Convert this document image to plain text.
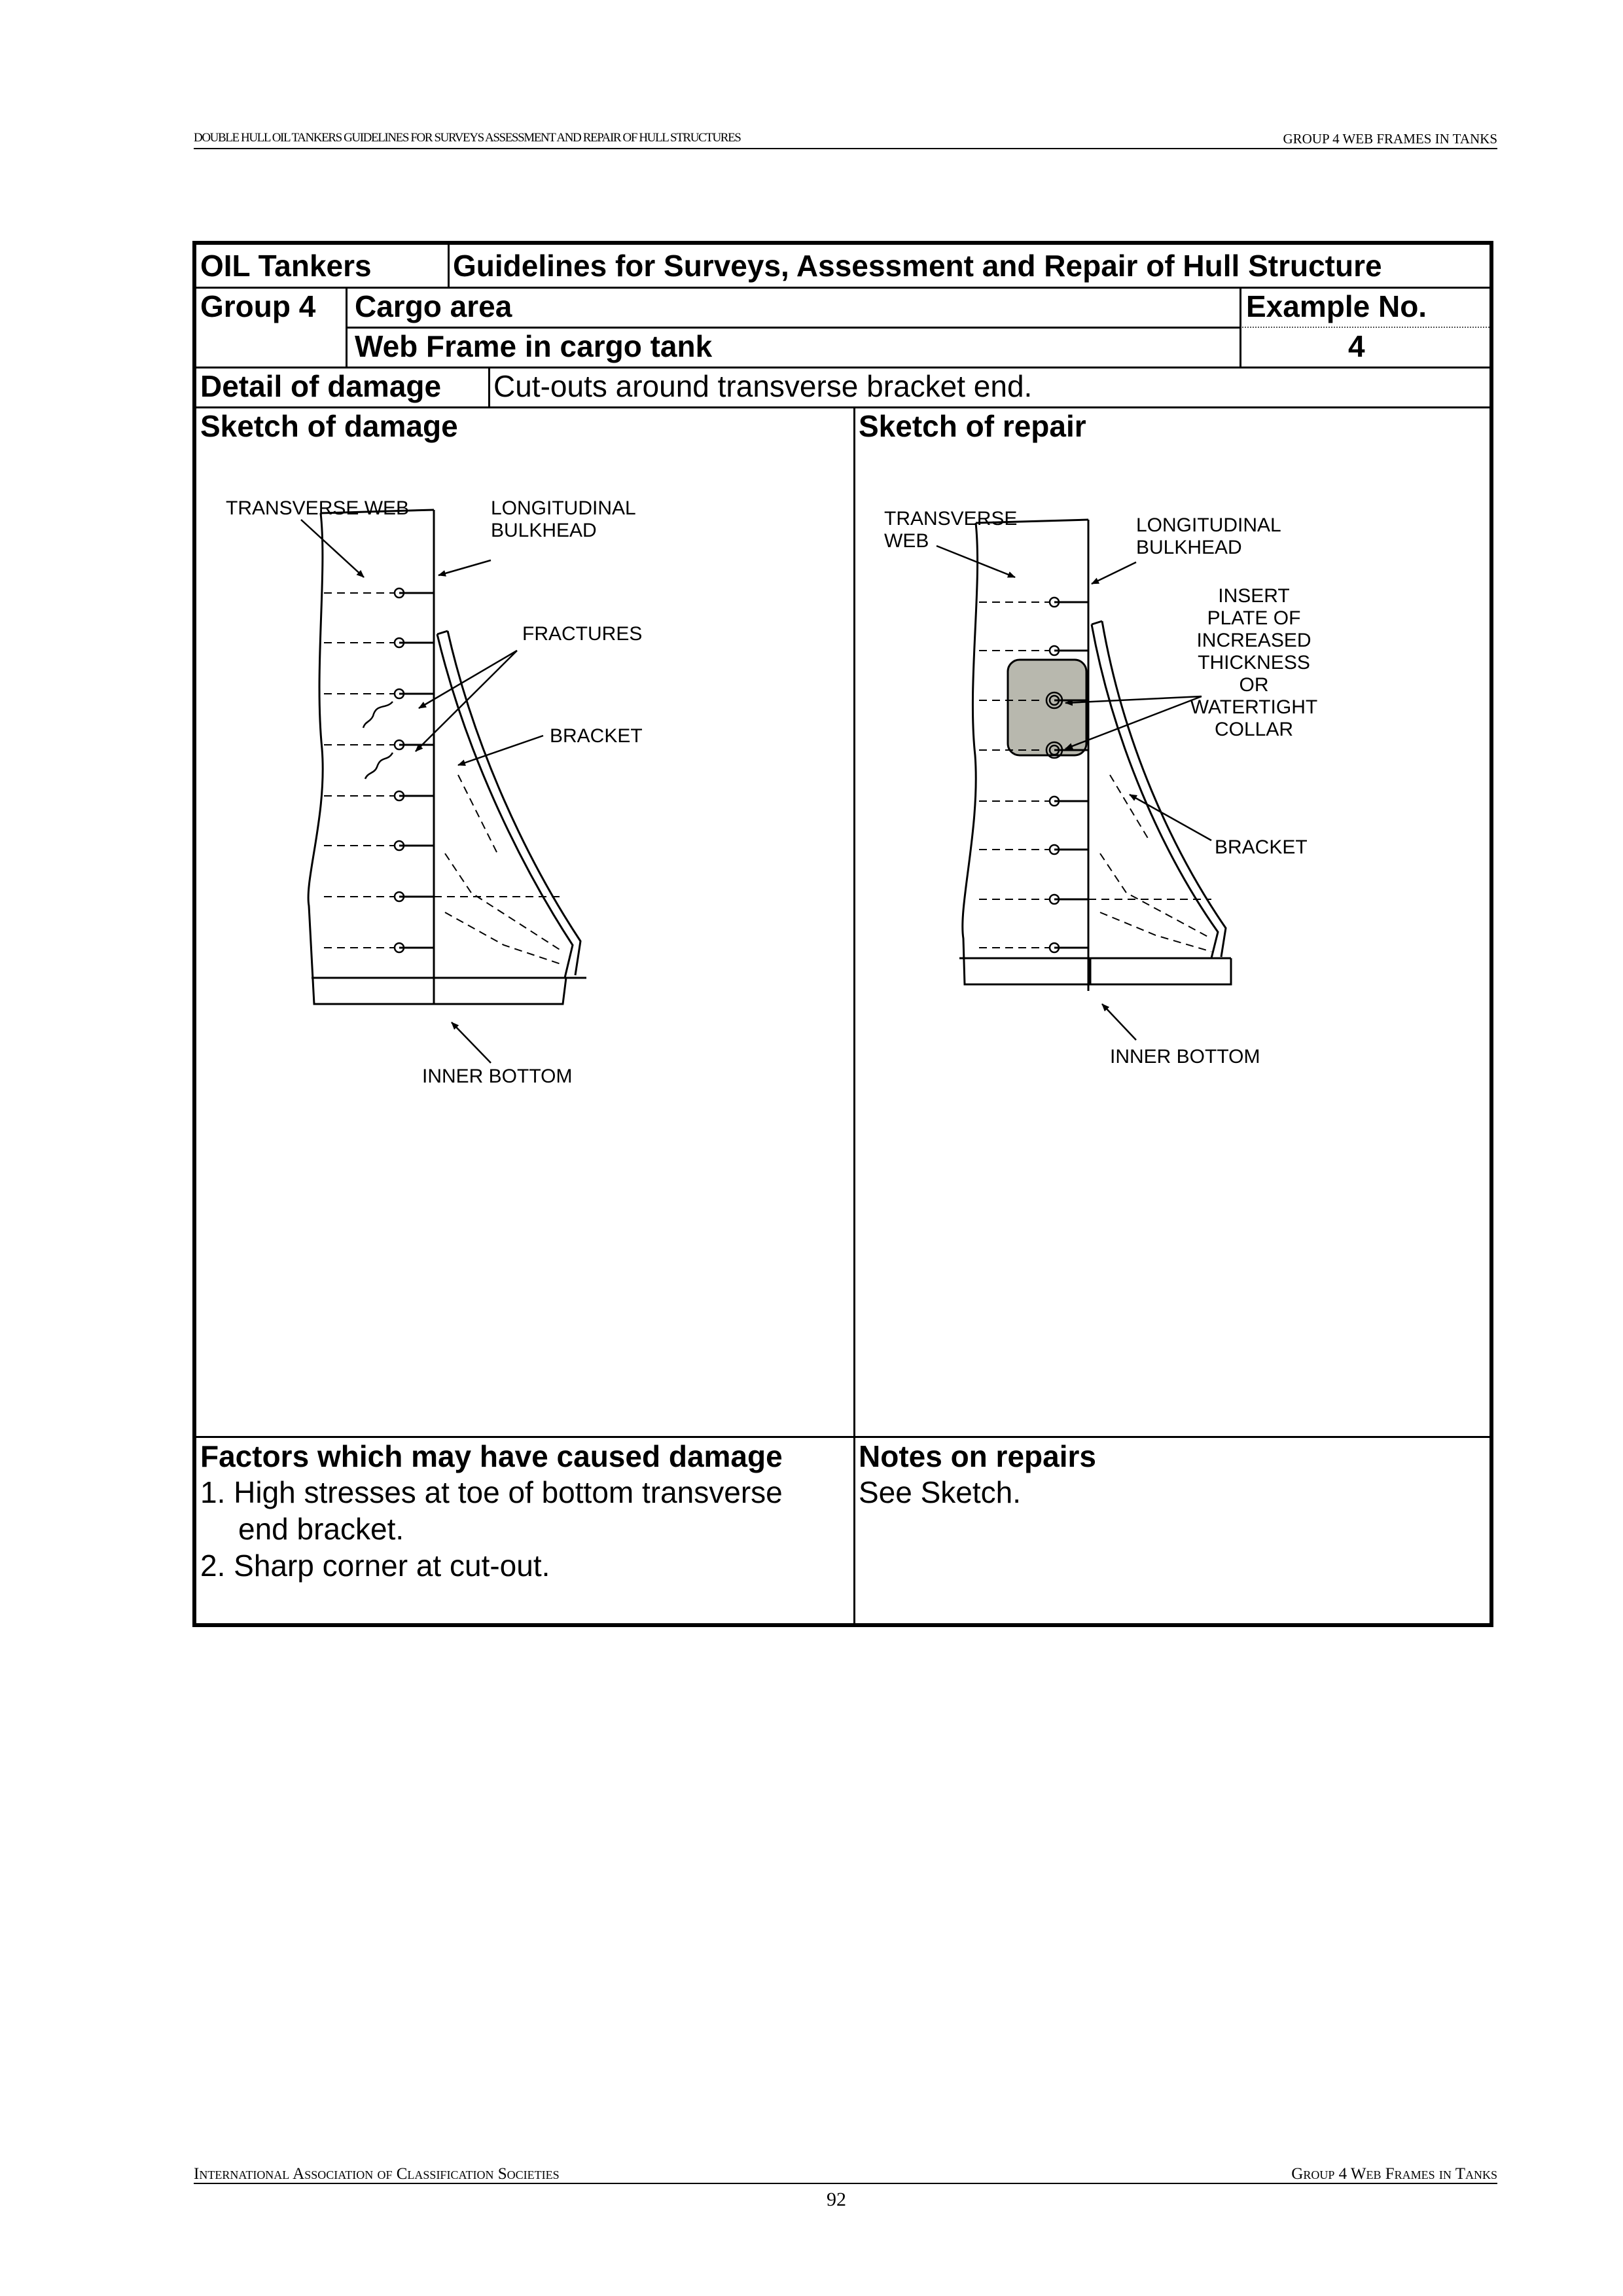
DOUBLE HULL OIL TANKERS GUIDELINES FOR SURVEYS ASSESSMENT AND REPAIR OF HULL STRUCTURES	GROUP 4 WEB FRAMES IN TANKS
OIL Tankers	Guidelines for Surveys, Assessment and Repair of Hull Structure
Group 4 Cargo area	Example No.
Web Frame in cargo tank	4
Detail of damage Cut-outs around transverse bracket end.
Sketch of damage	Sketch of repair
Factors which may have caused damage	Notes on repairs
1. High stresses at toe of bottom transverse
end bracket.
2. Sharp corner at cut-out.
See Sketch.
TRANSVERSE WEB	LONGITUDINAL
BULKHEAD
FRACTURES
BRACKET
INNER BOTTOM
TRANSVERSE
WEB
LONGITUDINAL
BULKHEAD
INSERT
PLATE OF
INCREASED
THICKNESS
OR
WATERTIGHT
COLLAR
BRACKET
INNER BOTTOM
International Association of Classification Societies	Group 4 Web Frames in Tanks
92
